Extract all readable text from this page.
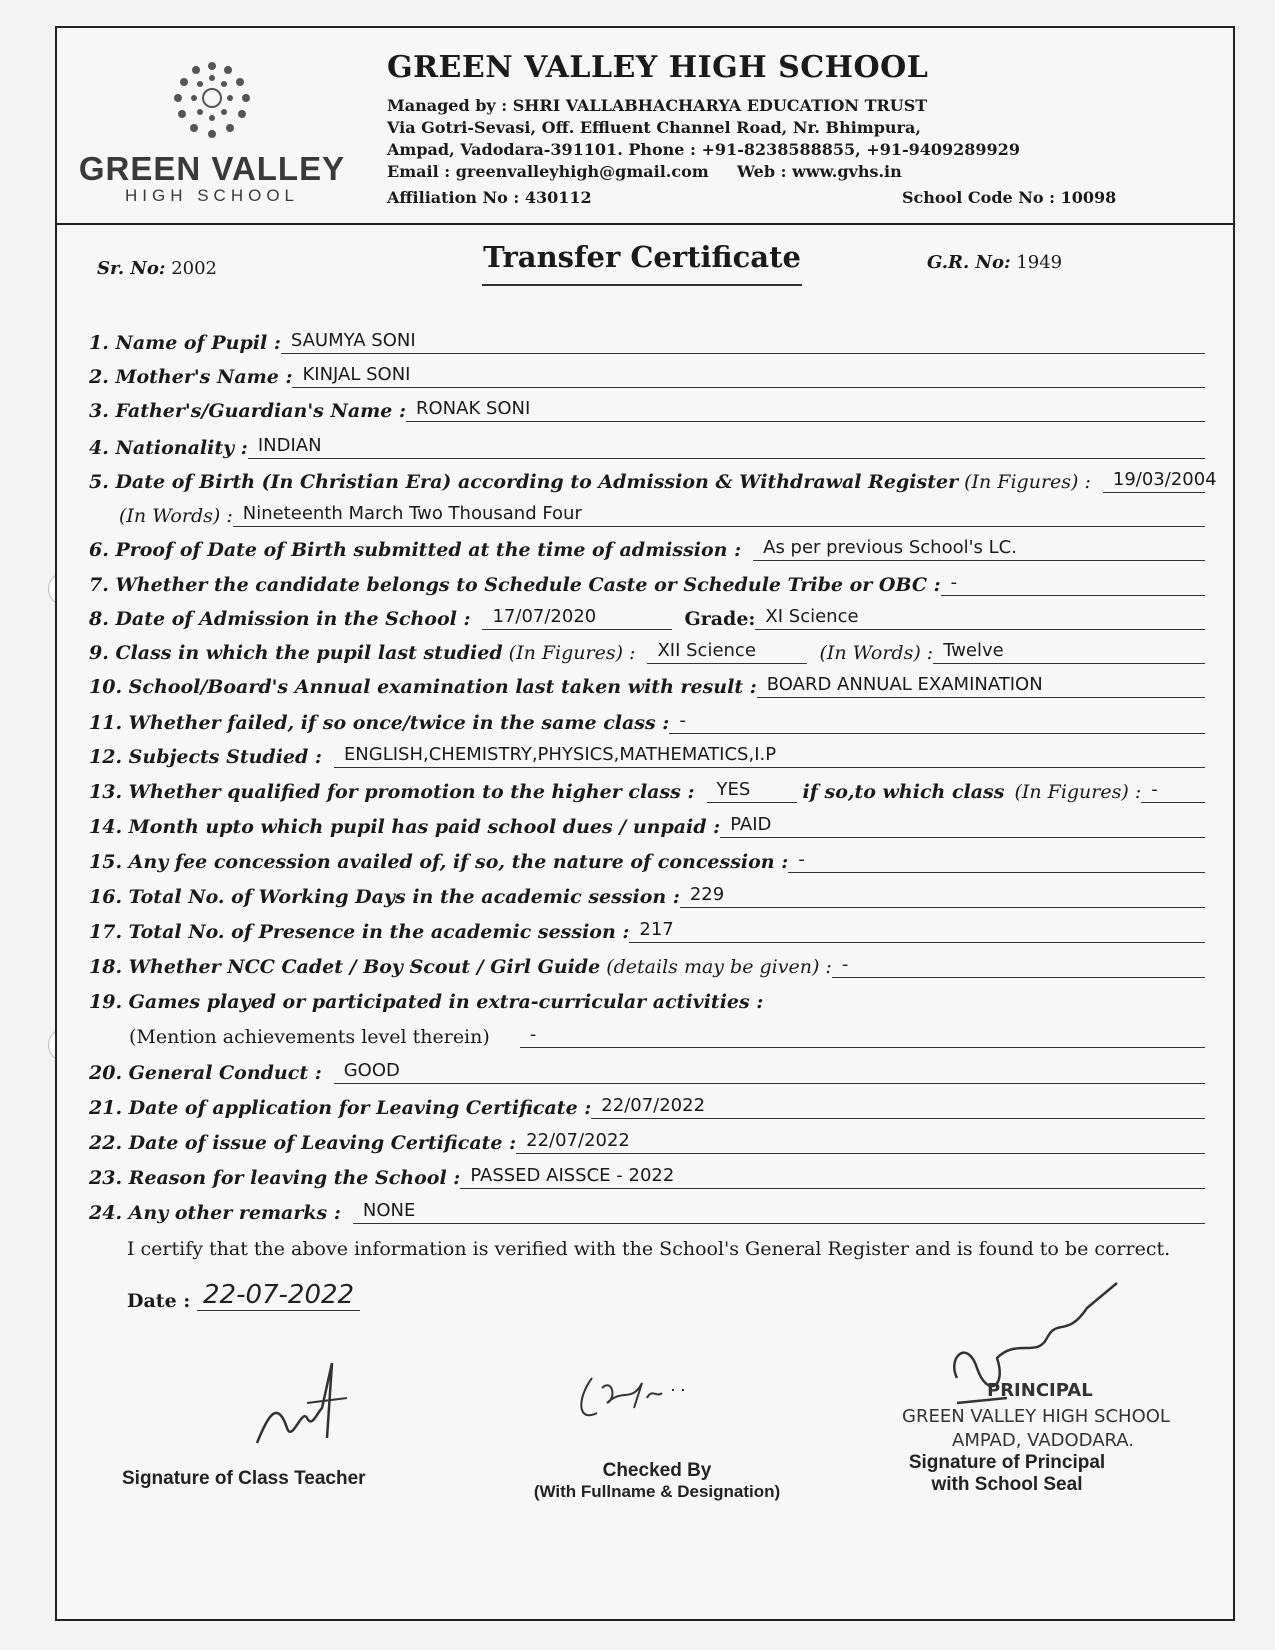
GREEN VALLEY
HIGH SCHOOL
GREEN VALLEY HIGH SCHOOL
Managed by : SHRI VALLABHACHARYA EDUCATION TRUST
Via Gotri-Sevasi, Off. Effluent Channel Road, Nr. Bhimpura,
Ampad, Vadodara-391101. Phone : +91-8238588855, +91-9409289929
Email : greenvalleyhigh@gmail.com Web : www.gvhs.in
Affiliation No : 430112	School Code No : 10098
Sr. No: 2002	Transfer Certificate	G.R. No: 1949
1. Name of Pupil : SAUMYA SONI
2. Mother's Name : KINJAL SONI
3. Father's/Guardian's Name : RONAK SONI
4. Nationality : INDIAN
5. Date of Birth (In Christian Era) according to Admission & Withdrawal Register (In Figures) :	19/03/2004
(In Words) : Nineteenth March Two Thousand Four
6. Proof of Date of Birth submitted at the time of admission :	As per previous School's LC.
7. Whether the candidate belongs to Schedule Caste or Schedule Tribe or OBC : -
8. Date of Admission in the School :	17/07/2020	Grade: XI Science
9. Class in which the pupil last studied (In Figures) :	XII Science	(In Words) : Twelve
10. School/Board's Annual examination last taken with result : BOARD ANNUAL EXAMINATION
11. Whether failed, if so once/twice in the same class : -
12. Subjects Studied :	ENGLISH,CHEMISTRY,PHYSICS,MATHEMATICS,I.P
13. Whether qualified for promotion to the higher class :	YES	if so,to which class (In Figures) : -
14. Month upto which pupil has paid school dues / unpaid : PAID
15. Any fee concession availed of, if so, the nature of concession : -
16. Total No. of Working Days in the academic session : 229
17. Total No. of Presence in the academic session : 217
18. Whether NCC Cadet / Boy Scout / Girl Guide (details may be given) : -
19. Games played or participated in extra-curricular activities :
(Mention achievements level therein)	-
20. General Conduct :	GOOD
21. Date of application for Leaving Certificate : 22/07/2022
22. Date of issue of Leaving Certificate : 22/07/2022
23. Reason for leaving the School : PASSED AISSCE - 2022
24. Any other remarks :	NONE
I certify that the above information is verified with the School's General Register and is found to be correct.
Date : 22-07-2022
PRINCIPAL
GREEN VALLEY HIGH SCHOOL
AMPAD, VADODARA.
Signature of Class Teacher	Checked By
(With Fullname & Designation)
Signature of Principal
with School Seal
